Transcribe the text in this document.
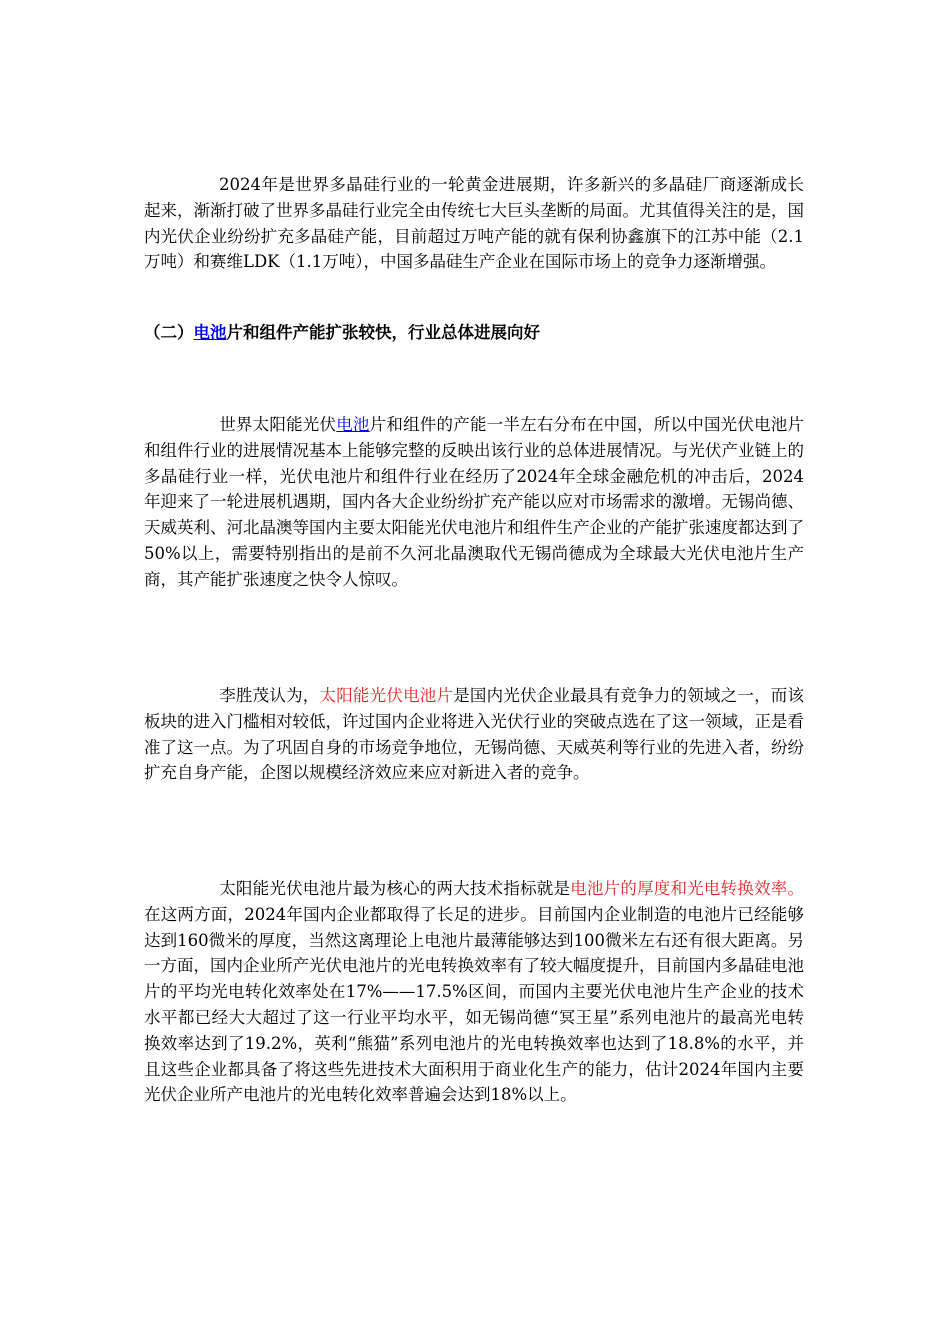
2024年是世界多晶硅行业的一轮黄金进展期，许多新兴的多晶硅厂商逐渐成长起来，渐渐打破了世界多晶硅行业完全由传统七大巨头垄断的局面。尤其值得关注的是，国内光伏企业纷纷扩充多晶硅产能，目前超过万吨产能的就有保利协鑫旗下的江苏中能（2.1万吨）和赛维LDK（1.1万吨），中国多晶硅生产企业在国际市场上的竞争力逐渐增强。

（二）电池片和组件产能扩张较快，行业总体进展向好

世界太阳能光伏电池片和组件的产能一半左右分布在中国，所以中国光伏电池片和组件行业的进展情况基本上能够完整的反映出该行业的总体进展情况。与光伏产业链上的多晶硅行业一样，光伏电池片和组件行业在经历了2024年全球金融危机的冲击后，2024年迎来了一轮进展机遇期，国内各大企业纷纷扩充产能以应对市场需求的激增。无锡尚德、天威英利、河北晶澳等国内主要太阳能光伏电池片和组件生产企业的产能扩张速度都达到了50%以上，需要特别指出的是前不久河北晶澳取代无锡尚德成为全球最大光伏电池片生产商，其产能扩张速度之快令人惊叹。

李胜茂认为，太阳能光伏电池片是国内光伏企业最具有竞争力的领域之一，而该板块的进入门槛相对较低，许过国内企业将进入光伏行业的突破点选在了这一领域，正是看准了这一点。为了巩固自身的市场竞争地位，无锡尚德、天威英利等行业的先进入者，纷纷扩充自身产能，企图以规模经济效应来应对新进入者的竞争。

太阳能光伏电池片最为核心的两大技术指标就是电池片的厚度和光电转换效率。在这两方面，2024年国内企业都取得了长足的进步。目前国内企业制造的电池片已经能够达到160微米的厚度，当然这离理论上电池片最薄能够达到100微米左右还有很大距离。另一方面，国内企业所产光伏电池片的光电转换效率有了较大幅度提升，目前国内多晶硅电池片的平均光电转化效率处在17%——17.5%区间，而国内主要光伏电池片生产企业的技术水平都已经大大超过了这一行业平均水平，如无锡尚德“冥王星”系列电池片的最高光电转换效率达到了19.2%，英利“熊猫”系列电池片的光电转换效率也达到了18.8%的水平，并且这些企业都具备了将这些先进技术大面积用于商业化生产的能力，估计2024年国内主要光伏企业所产电池片的光电转化效率普遍会达到18%以上。
